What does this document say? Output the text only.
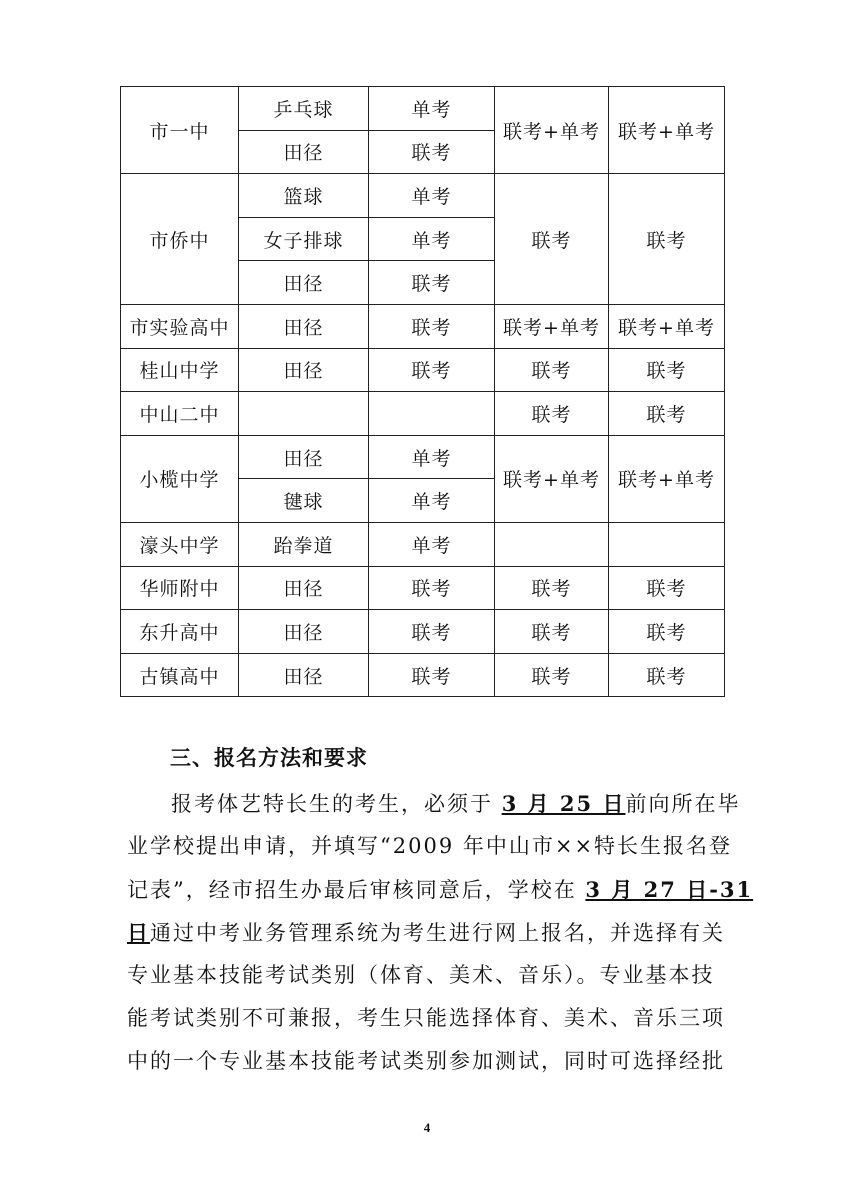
市一中	乒乓球	单考	联考+单考	联考+单考
	田径	联考		
市侨中	篮球	单考	联考	联考
	女子排球	单考		
	田径	联考		
市实验高中	田径	联考	联考+单考	联考+单考
桂山中学	田径	联考	联考	联考
中山二中			联考	联考
小榄中学	田径	单考	联考+单考	联考+单考
	毽球	单考		
濠头中学	跆拳道	单考		
华师附中	田径	联考	联考	联考
东升高中	田径	联考	联考	联考
古镇高中	田径	联考	联考	联考
三、报名方法和要求
报考体艺特长生的考生，必须于 3 月 25 日前向所在毕
业学校提出申请，并填写“2009 年中山市××特长生报名登
记表”，经市招生办最后审核同意后，学校在 3 月 27 日-31
日通过中考业务管理系统为考生进行网上报名，并选择有关
专业基本技能考试类别（体育、美术、音乐）。专业基本技
能考试类别不可兼报，考生只能选择体育、美术、音乐三项
中的一个专业基本技能考试类别参加测试，同时可选择经批
4
